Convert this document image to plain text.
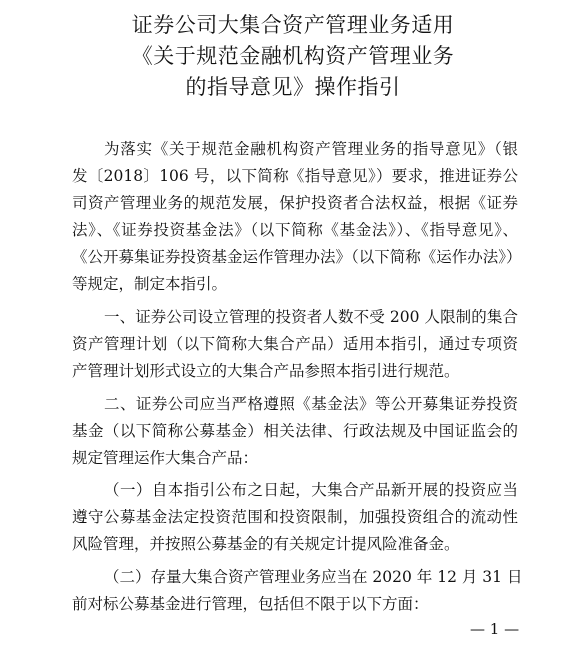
证券公司大集合资产管理业务适用
《关于规范金融机构资产管理业务
的指导意见》操作指引
为落实《关于规范金融机构资产管理业务的指导意见》（银
发〔2018〕106 号，以下简称《指导意见》）要求，推进证券公
司资产管理业务的规范发展，保护投资者合法权益，根据《证券
法》、《证券投资基金法》（以下简称《基金法》）、《指导意见》、
《公开募集证券投资基金运作管理办法》（以下简称《运作办法》）
等规定，制定本指引。
一、证券公司设立管理的投资者人数不受 200 人限制的集合
资产管理计划（以下简称大集合产品）适用本指引，通过专项资
产管理计划形式设立的大集合产品参照本指引进行规范。
二、证券公司应当严格遵照《基金法》等公开募集证券投资
基金（以下简称公募基金）相关法律、行政法规及中国证监会的
规定管理运作大集合产品：
（一）自本指引公布之日起，大集合产品新开展的投资应当
遵守公募基金法定投资范围和投资限制，加强投资组合的流动性
风险管理，并按照公募基金的有关规定计提风险准备金。
（二）存量大集合资产管理业务应当在 2020 年 12 月 31 日
前对标公募基金进行管理，包括但不限于以下方面：
— 1 —
